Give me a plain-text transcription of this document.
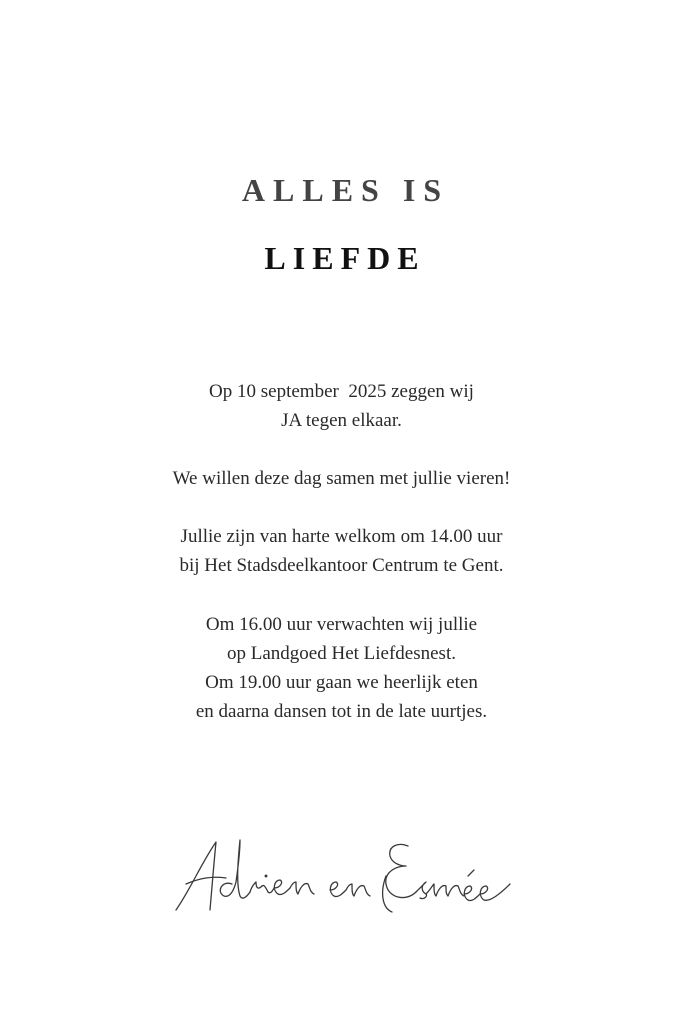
ALLES IS
LIEFDE
Op 10 september  2025 zeggen wij
JA tegen elkaar.
We willen deze dag samen met jullie vieren!
Jullie zijn van harte welkom om 14.00 uur
bij Het Stadsdeelkantoor Centrum te Gent.
Om 16.00 uur verwachten wij jullie
op Landgoed Het Liefdesnest.
Om 19.00 uur gaan we heerlijk eten
en daarna dansen tot in de late uurtjes.
